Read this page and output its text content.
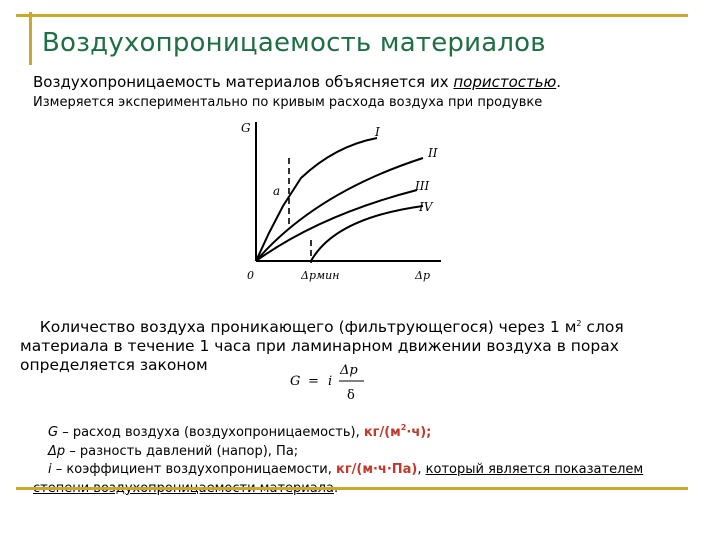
Воздухопроницаемость материалов
Воздухопроницаемость материалов объясняется их пористостью.
Измеряется экспериментально по кривым расхода воздуха при продувке
G
0	Δpмин	Δp
a
I
II
III
IV
Количество воздуха проникающего (фильтрующегося) через 1 $м^2$ слоя
материала в течение 1 часа при ламинарном движении воздуха в порах
определяется законом
G = i
Δp
δ
G – расход воздуха (воздухопроницаемость), $кг/(м^2\cdot ч)$;
Δp – разность давлений (напор), Па;
i – коэффициент воздухопроницаемости, кг/(м·ч·Па), который является показателем
